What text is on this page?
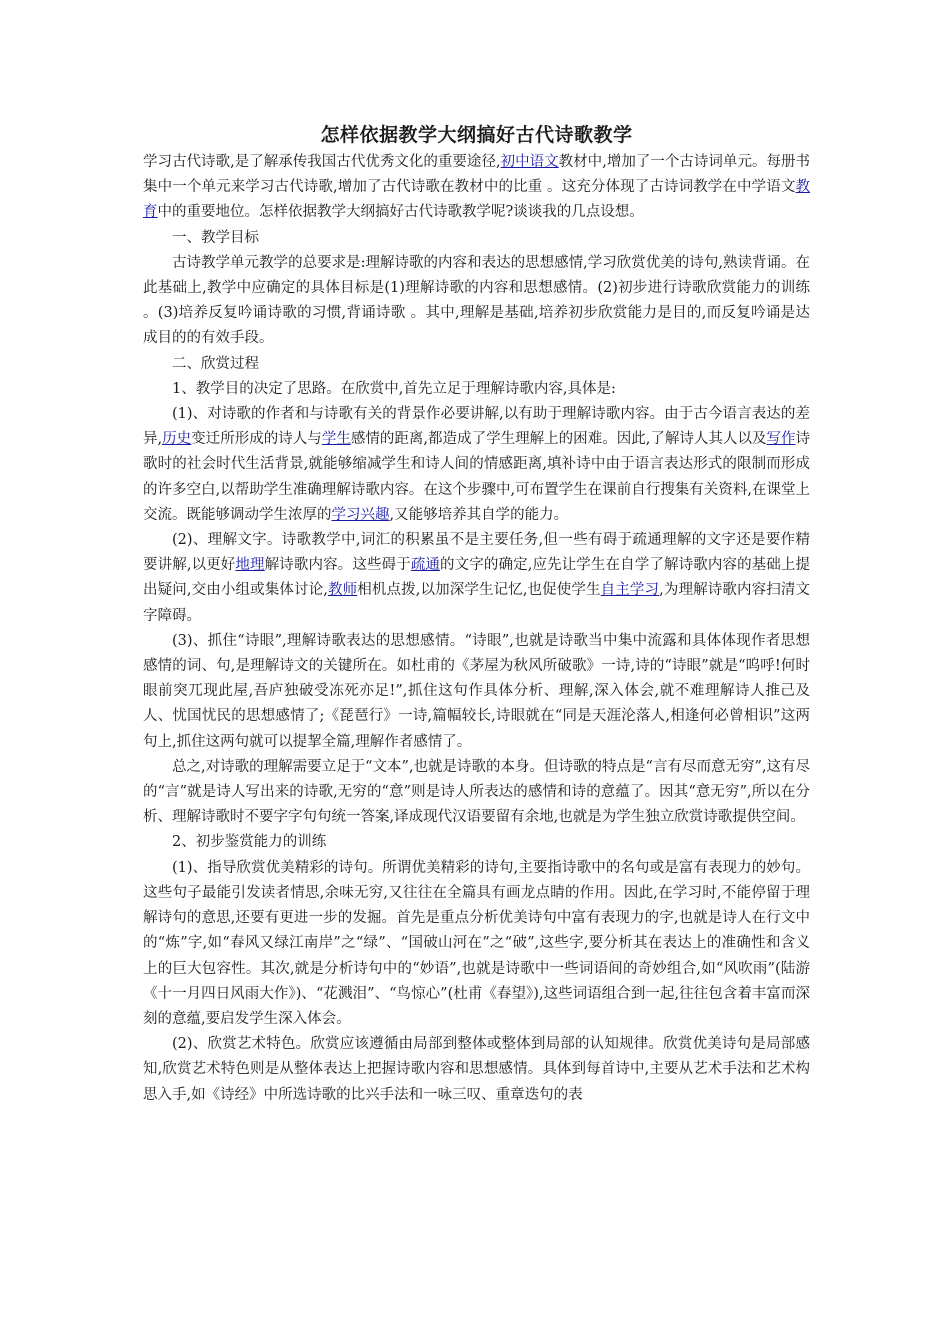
怎样依据教学大纲搞好古代诗歌教学

学习古代诗歌,是了解承传我国古代优秀文化的重要途径,初中语文教材中,增加了一个古诗词单元。每册书集中一个单元来学习古代诗歌,增加了古代诗歌在教材中的比重 。这充分体现了古诗词教学在中学语文教育中的重要地位。怎样依据教学大纲搞好古代诗歌教学呢?谈谈我的几点设想。

一、教学目标

古诗教学单元教学的总要求是:理解诗歌的内容和表达的思想感情,学习欣赏优美的诗句,熟读背诵。在此基础上,教学中应确定的具体目标是(1)理解诗歌的内容和思想感情。(2)初步进行诗歌欣赏能力的训练 。(3)培养反复吟诵诗歌的习惯,背诵诗歌 。其中,理解是基础,培养初步欣赏能力是目的,而反复吟诵是达成目的的有效手段。

二、欣赏过程

1、教学目的决定了思路。在欣赏中,首先立足于理解诗歌内容,具体是:

(1)、对诗歌的作者和与诗歌有关的背景作必要讲解,以有助于理解诗歌内容。由于古今语言表达的差异,历史变迁所形成的诗人与学生感情的距离,都造成了学生理解上的困难。因此,了解诗人其人以及写作诗歌时的社会时代生活背景,就能够缩减学生和诗人间的情感距离,填补诗中由于语言表达形式的限制而形成的许多空白,以帮助学生准确理解诗歌内容。在这个步骤中,可布置学生在课前自行搜集有关资料,在课堂上交流。既能够调动学生浓厚的学习兴趣,又能够培养其自学的能力。

(2)、理解文字。诗歌教学中,词汇的积累虽不是主要任务,但一些有碍于疏通理解的文字还是要作精要讲解,以更好地理解诗歌内容。这些碍于疏通的文字的确定,应先让学生在自学了解诗歌内容的基础上提出疑问,交由小组或集体讨论,教师相机点拨,以加深学生记忆,也促使学生自主学习,为理解诗歌内容扫清文字障碍。

(3)、抓住“诗眼”,理解诗歌表达的思想感情。“诗眼”,也就是诗歌当中集中流露和具体体现作者思想感情的词、句,是理解诗文的关键所在。如杜甫的《茅屋为秋风所破歌》一诗,诗的“诗眼”就是“呜呼!何时眼前突兀现此屋,吾庐独破受冻死亦足!”,抓住这句作具体分析、理解,深入体会,就不难理解诗人推己及人、忧国忧民的思想感情了;《琵琶行》一诗,篇幅较长,诗眼就在“同是天涯沦落人,相逢何必曾相识”这两句上,抓住这两句就可以提挈全篇,理解作者感情了。

总之,对诗歌的理解需要立足于“文本”,也就是诗歌的本身。但诗歌的特点是“言有尽而意无穷”,这有尽的“言”就是诗人写出来的诗歌,无穷的“意”则是诗人所表达的感情和诗的意蕴了。因其“意无穷”,所以在分析、理解诗歌时不要字字句句统一答案,译成现代汉语要留有余地,也就是为学生独立欣赏诗歌提供空间。

2、初步鉴赏能力的训练

(1)、指导欣赏优美精彩的诗句。所谓优美精彩的诗句,主要指诗歌中的名句或是富有表现力的妙句。这些句子最能引发读者情思,余味无穷,又往往在全篇具有画龙点睛的作用。因此,在学习时,不能停留于理解诗句的意思,还要有更进一步的发掘。首先是重点分析优美诗句中富有表现力的字,也就是诗人在行文中的“炼”字,如“春风又绿江南岸”之“绿”、“国破山河在”之“破”,这些字,要分析其在表达上的准确性和含义上的巨大包容性。其次,就是分析诗句中的“妙语”,也就是诗歌中一些词语间的奇妙组合,如“风吹雨”(陆游《十一月四日风雨大作》)、“花溅泪”、“鸟惊心”(杜甫《春望》),这些词语组合到一起,往往包含着丰富而深刻的意蕴,要启发学生深入体会。

(2)、欣赏艺术特色。欣赏应该遵循由局部到整体或整体到局部的认知规律。欣赏优美诗句是局部感知,欣赏艺术特色则是从整体表达上把握诗歌内容和思想感情。具体到每首诗中,主要从艺术手法和艺术构思入手,如《诗经》中所选诗歌的比兴手法和一咏三叹、重章迭句的表
